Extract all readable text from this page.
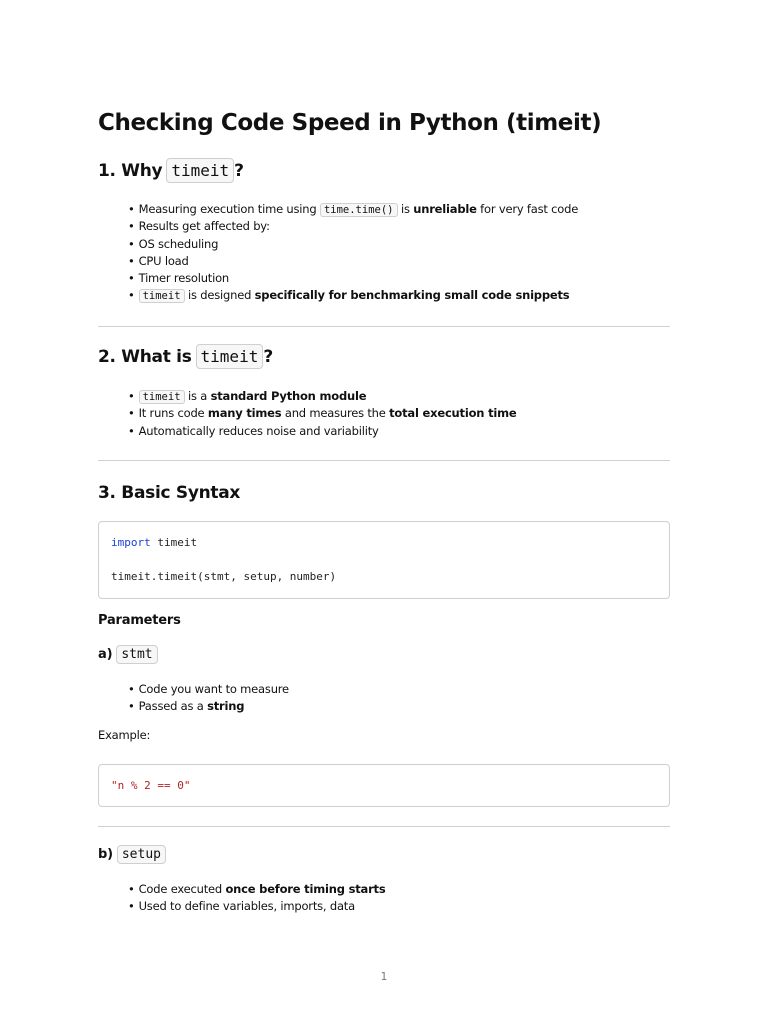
Checking Code Speed in Python (timeit)
1. Why timeit ?
• Measuring execution time using time.time() is unreliable for very fast code
• Results get affected by:
• OS scheduling
• CPU load
• Timer resolution
• timeit is designed specifically for benchmarking small code snippets
2. What is timeit ?
• timeit is a standard Python module
• It runs code many times and measures the total execution time
• Automatically reduces noise and variability
3. Basic Syntax
import timeit
timeit.timeit(stmt, setup, number)
Parameters
a) stmt
• Code you want to measure
• Passed as a string
Example:
"n % 2 == 0"
b) setup
• Code executed once before timing starts
• Used to define variables, imports, data
1
